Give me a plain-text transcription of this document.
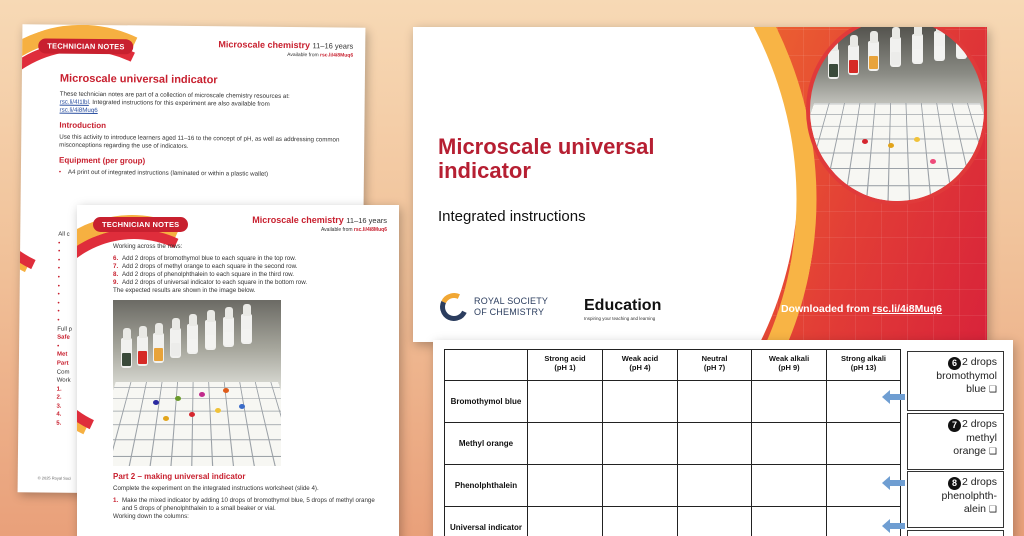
TECHNICIAN NOTES	Microscale chemistry 11–16 years
Available from rsc.li/4i8Muq6
Microscale universal indicator
These technician notes are part of a collection of microscale chemistry resources at:
rsc.li/4I1lbl. Integrated instructions for this experiment are also available from
rsc.li/4i8Muq6
Introduction
Use this activity to introduce learners aged 11–16 to the concept of pH, as well as addressing common misconceptions regarding the use of indicators.
Equipment (per group)
• A4 print out of integrated instructions (laminated or within a plastic wallet)
All c
•
•
•
•
•
•
•
•
•
•
Full p
Safe
•
Met
Part
Com
Work
1.
2.
3.
4.
5.
© 2025 Royal Soci
TECHNICIAN NOTES	Microscale chemistry 11–16 years
Available from rsc.li/4i8Muq6
Working across the rows:
6. Add 2 drops of bromothymol blue to each square in the top row.
7. Add 2 drops of methyl orange to each square in the second row.
8. Add 2 drops of phenolphthalein to each square in the third row.
9. Add 2 drops of universal indicator to each square in the bottom row.
The expected results are shown in the image below.
Part 2 – making universal indicator
Complete the experiment on the integrated instructions worksheet (slide 4).
1. Make the mixed indicator by adding 10 drops of bromothymol blue, 5 drops of methyl orange and 5 drops of phenolphthalein to a small beaker or vial.
Working down the columns:
Microscale universal indicator
Integrated instructions
ROYAL SOCIETY
OF CHEMISTRY Education
Inspiring your teaching and learning
Downloaded from rsc.li/4i8Muq6
	Strong acid
(pH 1)	Weak acid
(pH 4)	Neutral
(pH 7)	Weak alkali
(pH 9)	Strong alkali
(pH 13)
Bromothymol blue					
Methyl orange					
Phenolphthalein					
Universal indicator					
6 2 drops
bromothymol
blue ❑
7 2 drops
methyl
orange ❑
8 2 drops
phenolphth-
alein ❑
